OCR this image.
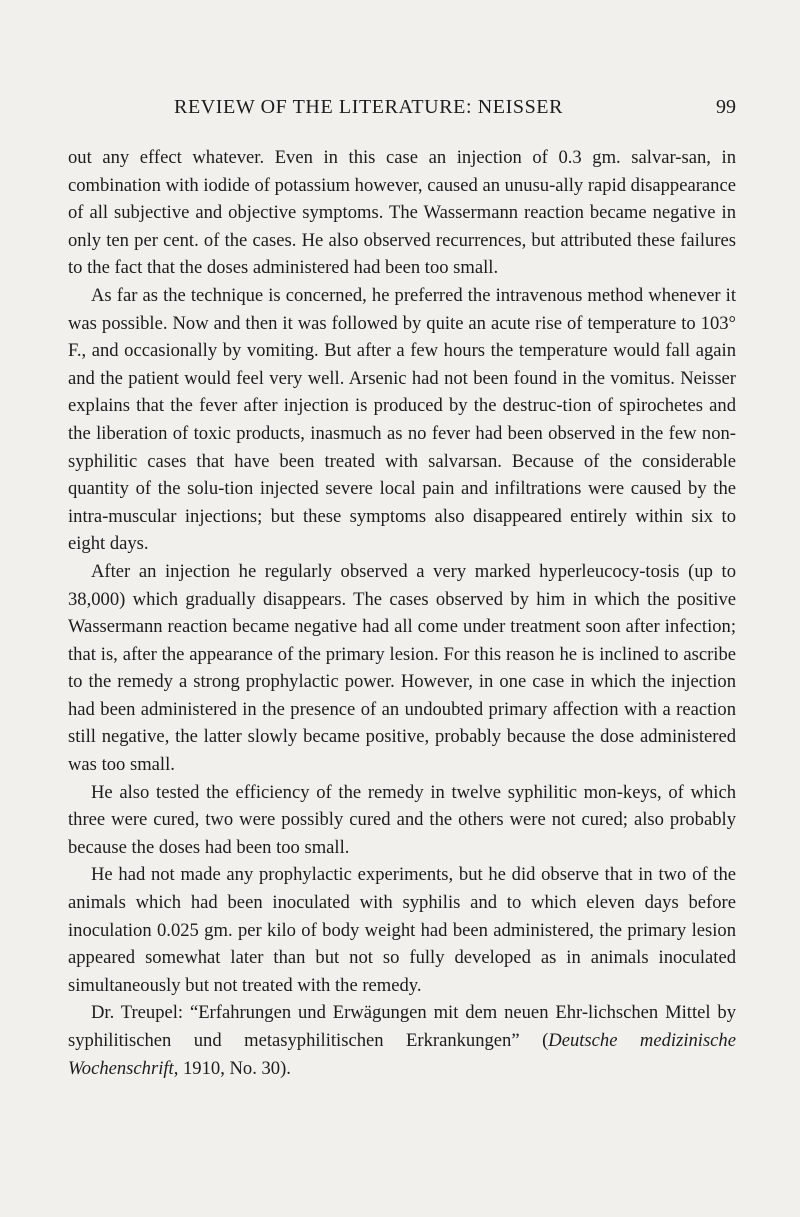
REVIEW OF THE LITERATURE: NEISSER	99

out any effect whatever. Even in this case an injection of 0.3 gm. salvar-san, in combination with iodide of potassium however, caused an unusu-ally rapid disappearance of all subjective and objective symptoms. The Wassermann reaction became negative in only ten per cent. of the cases. He also observed recurrences, but attributed these failures to the fact that the doses administered had been too small.

As far as the technique is concerned, he preferred the intravenous method whenever it was possible. Now and then it was followed by quite an acute rise of temperature to 103° F., and occasionally by vomiting. But after a few hours the temperature would fall again and the patient would feel very well. Arsenic had not been found in the vomitus. Neisser explains that the fever after injection is produced by the destruc-tion of spirochetes and the liberation of toxic products, inasmuch as no fever had been observed in the few non-syphilitic cases that have been treated with salvarsan. Because of the considerable quantity of the solu-tion injected severe local pain and infiltrations were caused by the intra-muscular injections; but these symptoms also disappeared entirely within six to eight days.

After an injection he regularly observed a very marked hyperleucocy-tosis (up to 38,000) which gradually disappears. The cases observed by him in which the positive Wassermann reaction became negative had all come under treatment soon after infection; that is, after the appearance of the primary lesion. For this reason he is inclined to ascribe to the remedy a strong prophylactic power. However, in one case in which the injection had been administered in the presence of an undoubted primary affection with a reaction still negative, the latter slowly became positive, probably because the dose administered was too small.

He also tested the efficiency of the remedy in twelve syphilitic mon-keys, of which three were cured, two were possibly cured and the others were not cured; also probably because the doses had been too small.

He had not made any prophylactic experiments, but he did observe that in two of the animals which had been inoculated with syphilis and to which eleven days before inoculation 0.025 gm. per kilo of body weight had been administered, the primary lesion appeared somewhat later than but not so fully developed as in animals inoculated simultaneously but not treated with the remedy.

Dr. Treupel: “Erfahrungen und Erwägungen mit dem neuen Ehr-lichschen Mittel by syphilitischen und metasyphilitischen Erkrankungen” (Deutsche medizinische Wochenschrift, 1910, No. 30).
